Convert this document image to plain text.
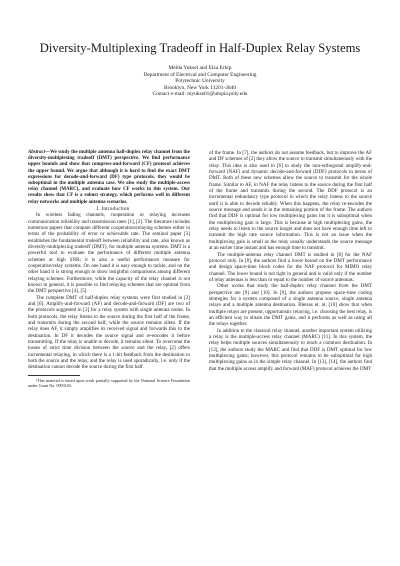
Diversity-Multiplexing Tradeoff in Half-Duplex Relay Systems
Melda Yuksel and Elza Erkip
Department of Electrical and Computer Engineering
Polytechnic University
Brooklyn, New York 11201-3840
Contact e-mail: myukse01@utopia.poly.edu

Abstract—We study the multiple antenna half-duplex relay channel from the diversity-multiplexing tradeoff (DMT) perspective. We find performance upper bounds and show that compress-and-forward (CF) protocol achieves the upper bound. We argue that although it is hard to find the exact DMT expressions for decode-and-forward (DF) type protocols, they would be suboptimal in the multiple antenna case. We also study the multiple-access relay channel (MARC), and evaluate how CF works in this system. Our results show that CF is a robust strategy, which performs well in different relay networks and multiple antenna scenarios.

I. Introduction

In wireless fading channels, cooperation or relaying increases communication reliability and transmission rates [1], [2]. The literature includes numerous papers that compare different cooperation/relaying schemes either in terms of the probability of error or achievable rate. The seminal paper [3] establishes the fundamental tradeoff between reliability and rate, also known as diversity-multiplexing tradeoff (DMT), for multiple antenna systems. DMT is a powerful tool to evaluate the performance of different multiple antenna schemes at high SNR; it is also a useful performance measure for cooperative/relay systems. On one hand it is easy enough to tackle, and on the other hand it is strong enough to show insightful comparisons among different relaying schemes. Furthermore, while the capacity of the relay channel is not known in general, it is possible to find relaying schemes that are optimal from the DMT perspective [4], [5].

The complete DMT of half-duplex relay systems were first studied in [2] and [6]. Amplify-and-forward (AF) and decode-and-forward (DF) are two of the protocols suggested in [2] for a relay system with single antenna nodes. In both protocols, the relay listens to the source during the first half of the frame, and transmits during the second half, while the source remains silent. If the relay does AF, it simply amplifies its received signal and forwards this to the destination. In DF it decodes the source signal and re-encodes it before transmitting. If the relay is unable to decode, it remains silent. To overcome the losses of strict time division between the source and the relay, [2] offers incremental relaying, in which there is a 1-bit feedback from the destination to both the source and the relay, and the relay is used sporadically, i.e. only if the destination cannot decode the source during the first half

¹This material is based upon work partially supported by the National Science Foundation under Grant No. 0093163.

of the frame. In [7], the authors do not assume feedback, but to improve the AF and DF schemes of [2] they allow the source to transmit simultaneously with the relay. This idea is also used in [6] to study the non-orthogonal amplify-and-forward (NAF) and dynamic decode-and-forward (DDF) protocols in terms of DMT. Both of these new schemes allow the source to transmit for the whole frame. Similar to AF, in NAF the relay listens to the source during the first half of the frame and transmits during the second. The DDF protocol is an incremental redundancy type protocol in which the relay listens to the source until it is able to decode reliably. When this happens, the relay re-encodes the source message and sends it in the remaining portion of the frame. The authors find that DDF is optimal for low multiplexing gains but it is suboptimal when the multiplexing gain is large. This is because at high multiplexing gains, the relay needs to listen to the source longer and does not have enough time left to transmit the high rate source information. This is not an issue when the multiplexing gain is small as the relay usually understands the source message at an earlier time instant and has enough time to transmit.

The multiple-antenna relay channel DMT is studied in [8] for the NAF protocol only. In [8], the authors find a lower bound on the DMT performance and design space-time block codes for the NAF protocol for MIMO relay channel. The lower bound is not tight in general and is valid only if the number of relay antennas is less than or equal to the number of source antennas.

Other works that study the half-duplex relay channel from the DMT perspective are [9] and [10]. In [9], the authors propose space-time coding strategies for a system composed of a single antenna source, single antenna relays and a multiple antenna destination. Bletsas et. al. [10] show that when multiple relays are present, opportunistic relaying, i.e. choosing the best relay, is an efficient way to obtain the DMT gains, and it performs as well as using all the relays together.

In addition to the classical relay channel, another important system utilizing a relay is the multiple-access relay channel (MARC) [11]. In this system, the relay helps multiple sources simultaneously to reach a common destination. In [12], the authors study the MARC and find that DDF is DMT optimal for low multiplexing gains; however, this protocol remains to be suboptimal for high multiplexing gains as in the simple relay channel. In [13], [14], the authors find that the multiple access amplify and forward (MAF) protocol achieves the DMT
